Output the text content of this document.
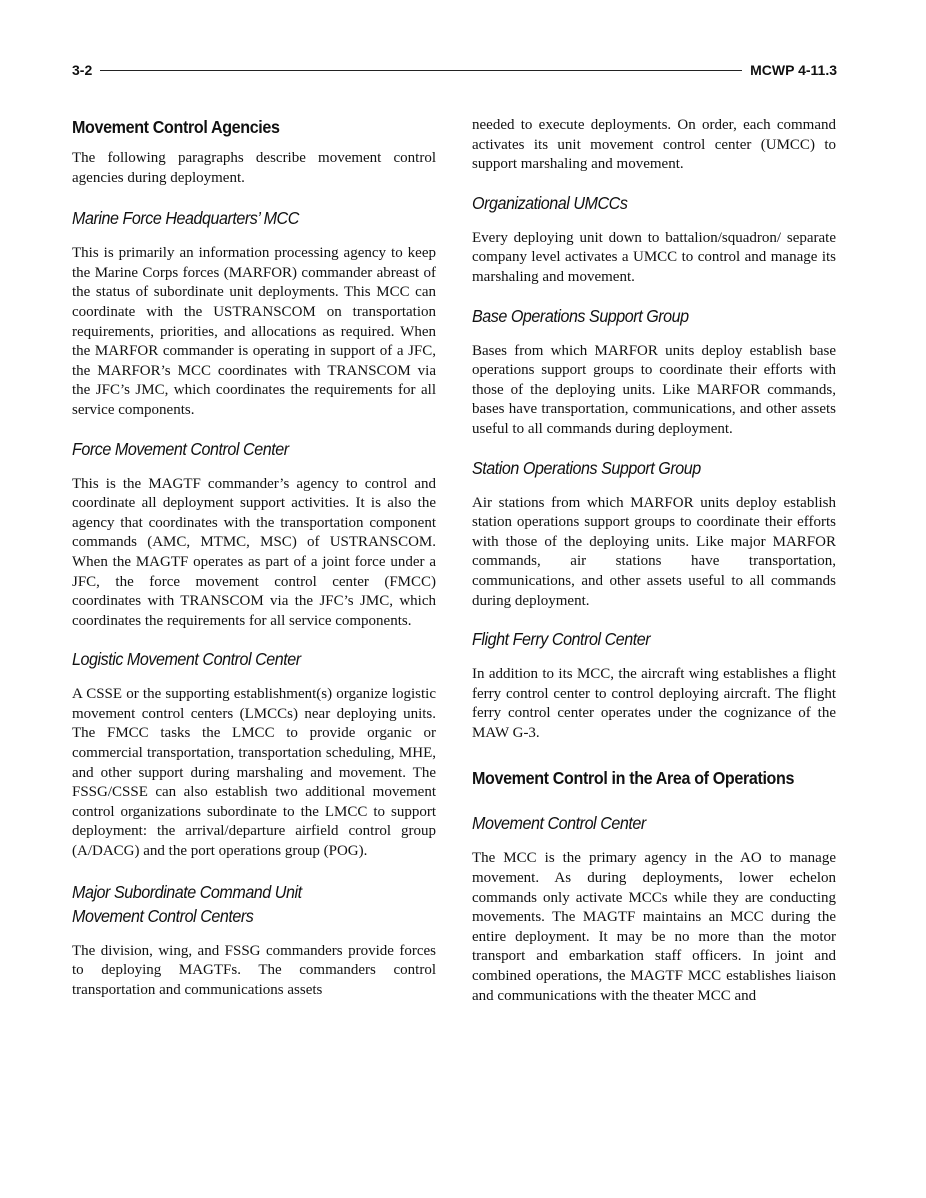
3-2	MCWP 4-11.3
Movement Control Agencies

The following paragraphs describe movement control agencies during deployment.

Marine Force Headquarters’ MCC

This is primarily an information processing agency to keep the Marine Corps forces (MARFOR) commander abreast of the status of subordinate unit deployments. This MCC can coordinate with the USTRANSCOM on transportation requirements, priorities, and allocations as required. When the MARFOR commander is operating in support of a JFC, the MARFOR’s MCC coordinates with TRANSCOM via the JFC’s JMC, which coordinates the requirements for all service components.

Force Movement Control Center

This is the MAGTF commander’s agency to control and coordinate all deployment support activities. It is also the agency that coordinates with the transportation component commands (AMC, MTMC, MSC) of USTRANSCOM. When the MAGTF operates as part of a joint force under a JFC, the force movement control center (FMCC) coordinates with TRANSCOM via the JFC’s JMC, which coordinates the requirements for all service components.

Logistic Movement Control Center

A CSSE or the supporting establishment(s) organize logistic movement control centers (LMCCs) near deploying units. The FMCC tasks the LMCC to provide organic or commercial transportation, transportation scheduling, MHE, and other support during marshaling and movement. The FSSG/CSSE can also establish two additional movement control organizations subordinate to the LMCC to support deployment: the arrival/departure airfield control group (A/DACG) and the port operations group (POG).

Major Subordinate Command Unit
Movement Control Centers

The division, wing, and FSSG commanders provide forces to deploying MAGTFs. The commanders control transportation and communications assets

needed to execute deployments. On order, each command activates its unit movement control center (UMCC) to support marshaling and movement.

Organizational UMCCs

Every deploying unit down to battalion/squadron/ separate company level activates a UMCC to control and manage its marshaling and movement.

Base Operations Support Group

Bases from which MARFOR units deploy establish base operations support groups to coordinate their efforts with those of the deploying units. Like MARFOR commands, bases have transportation, communications, and other assets useful to all commands during deployment.

Station Operations Support Group

Air stations from which MARFOR units deploy establish station operations support groups to coordinate their efforts with those of the deploying units. Like major MARFOR commands, air stations have transportation, communications, and other assets useful to all commands during deployment.

Flight Ferry Control Center

In addition to its MCC, the aircraft wing establishes a flight ferry control center to control deploying aircraft. The flight ferry control center operates under the cognizance of the MAW G-3.

Movement Control in the Area of Operations
Movement Control Center

The MCC is the primary agency in the AO to manage movement. As during deployments, lower echelon commands only activate MCCs while they are conducting movements. The MAGTF maintains an MCC during the entire deployment. It may be no more than the motor transport and embarkation staff officers. In joint and combined operations, the MAGTF MCC establishes liaison and communications with the theater MCC and
